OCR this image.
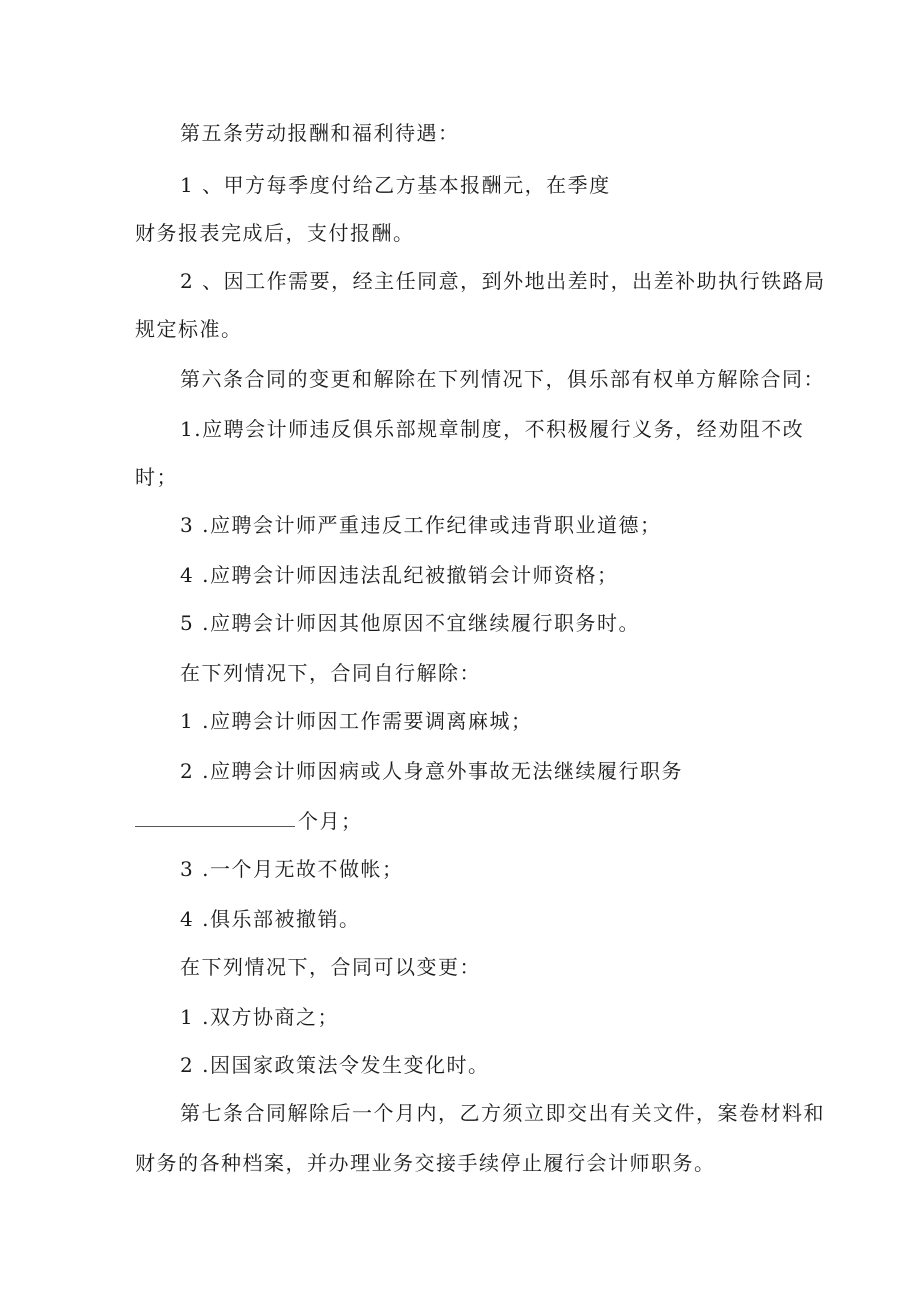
第五条劳动报酬和福利待遇：
1 、甲方每季度付给乙方基本报酬元，在季度
财务报表完成后，支付报酬。
2 、因工作需要，经主任同意，到外地出差时，出差补助执行铁路局
规定标准。
第六条合同的变更和解除在下列情况下，俱乐部有权单方解除合同：
1.应聘会计师违反俱乐部规章制度，不积极履行义务，经劝阻不改
时；
3 .应聘会计师严重违反工作纪律或违背职业道德；
4 .应聘会计师因违法乱纪被撤销会计师资格；
5 .应聘会计师因其他原因不宜继续履行职务时。
在下列情况下，合同自行解除：
1 .应聘会计师因工作需要调离麻城；
2 .应聘会计师因病或人身意外事故无法继续履行职务
个月；
3 .一个月无故不做帐；
4 .俱乐部被撤销。
在下列情况下，合同可以变更：
1 .双方协商之；
2 .因国家政策法令发生变化时。
第七条合同解除后一个月内，乙方须立即交出有关文件，案卷材料和
财务的各种档案，并办理业务交接手续停止履行会计师职务。
